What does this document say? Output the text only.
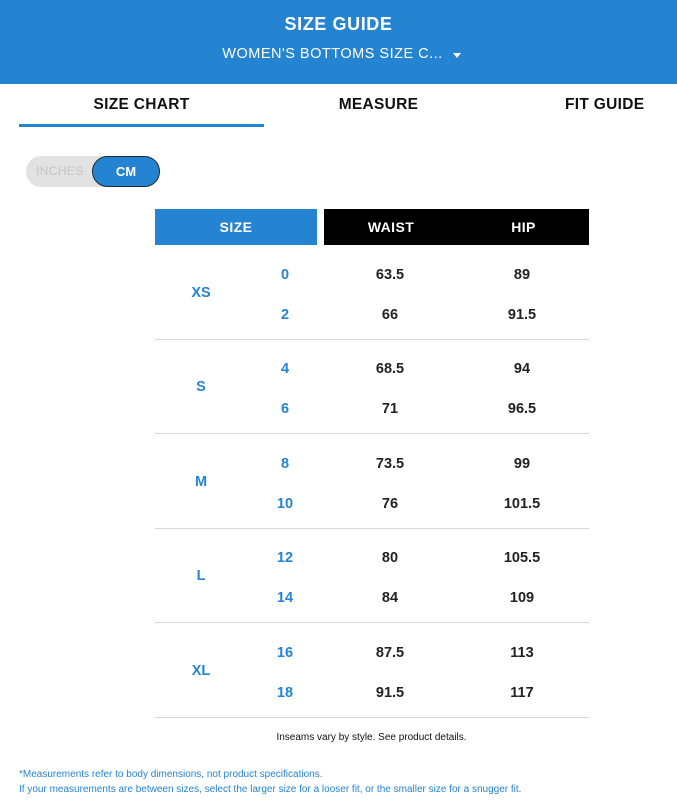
SIZE GUIDE
WOMEN'S BOTTOMS SIZE C...
SIZE CHART	MEASURE	FIT GUIDE
INCHES	CM
SIZE	WAIST	HIP
XS
0	63.5	89
2	66	91.5
S
4	68.5	94
6	71	96.5
M
8	73.5	99
10	76	101.5
L
12	80	105.5
14	84	109
XL
16	87.5	113
18	91.5	117
Inseams vary by style. See product details.
*Measurements refer to body dimensions, not product specifications.
If your measurements are between sizes, select the larger size for a looser fit, or the smaller size for a snugger fit.
